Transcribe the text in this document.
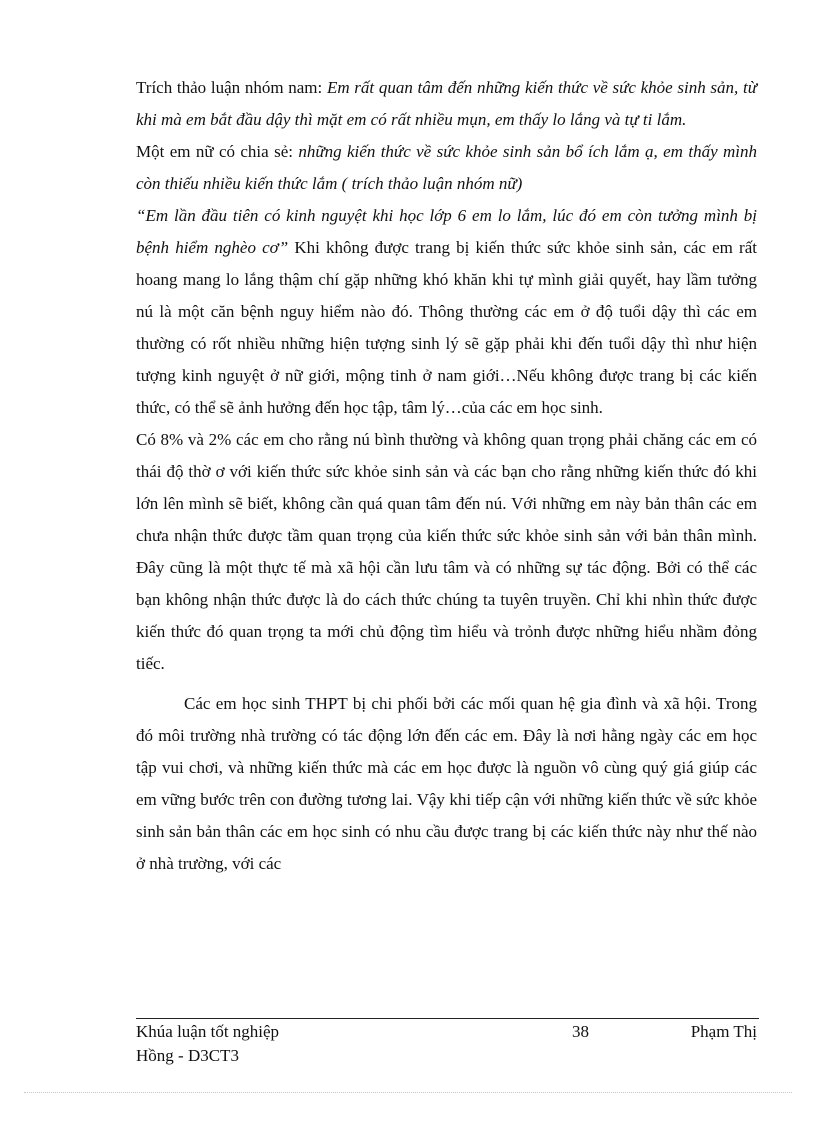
Trích thảo luận nhóm nam: Em rất quan tâm đến những kiến thức về sức khỏe sinh sản, từ khi mà em bắt đầu dậy thì mặt em có rất nhiều mụn, em thấy lo lắng và tự ti lắm.

Một em nữ có chia sẻ: những kiến thức về sức khỏe sinh sản bổ ích lắm ạ, em thấy mình còn thiếu nhiều kiến thức lắm ( trích thảo luận nhóm nữ)

“Em lần đầu tiên có kinh nguyệt khi học lớp 6 em lo lắm, lúc đó em còn tưởng mình bị bệnh hiểm nghèo cơ” Khi không được trang bị kiến thức sức khỏe sinh sản, các em rất hoang mang lo lắng thậm chí gặp những khó khăn khi tự mình giải quyết, hay lầm tưởng nú là một căn bệnh nguy hiểm nào đó. Thông thường các em ở độ tuổi dậy thì các em thường có rốt nhiều những hiện tượng sinh lý sẽ gặp phải khi đến tuổi dậy thì như hiện tượng kinh nguyệt ở nữ giới, mộng tinh ở nam giới…Nếu không được trang bị các kiến thức, có thể sẽ ảnh hưởng đến học tập, tâm lý…của các em học sinh.

Có 8% và 2% các em cho rằng nú bình thường và không quan trọng phải chăng các em có thái độ thờ ơ với kiến thức sức khỏe sinh sản và các bạn cho rằng những kiến thức đó khi lớn lên mình sẽ biết, không cần quá quan tâm đến nú. Với những em này bản thân các em chưa nhận thức được tầm quan trọng của kiến thức sức khỏe sinh sản với bản thân mình. Đây cũng là một thực tế mà xã hội cần lưu tâm và có những sự tác động. Bởi có thể các bạn không nhận thức được là do cách thức chúng ta tuyên truyền. Chỉ khi nhìn thức được kiến thức đó quan trọng ta mới chủ động tìm hiểu và trỏnh được những hiểu nhầm đỏng tiếc.

Các em học sinh THPT bị chi phối bởi các mối quan hệ gia đình và xã hội. Trong đó môi trường nhà trường có tác động lớn đến các em. Đây là nơi hằng ngày các em học tập vui chơi, và những kiến thức mà các em học được là nguồn vô cùng quý giá giúp các em vững bước trên con đường tương lai. Vậy khi tiếp cận với những kiến thức về sức khỏe sinh sản bản thân các em học sinh có nhu cầu được trang bị các kiến thức này như thế nào ở nhà trường, với các

Khúa luận tốt nghiệp	38	Phạm Thị
Hồng - D3CT3
